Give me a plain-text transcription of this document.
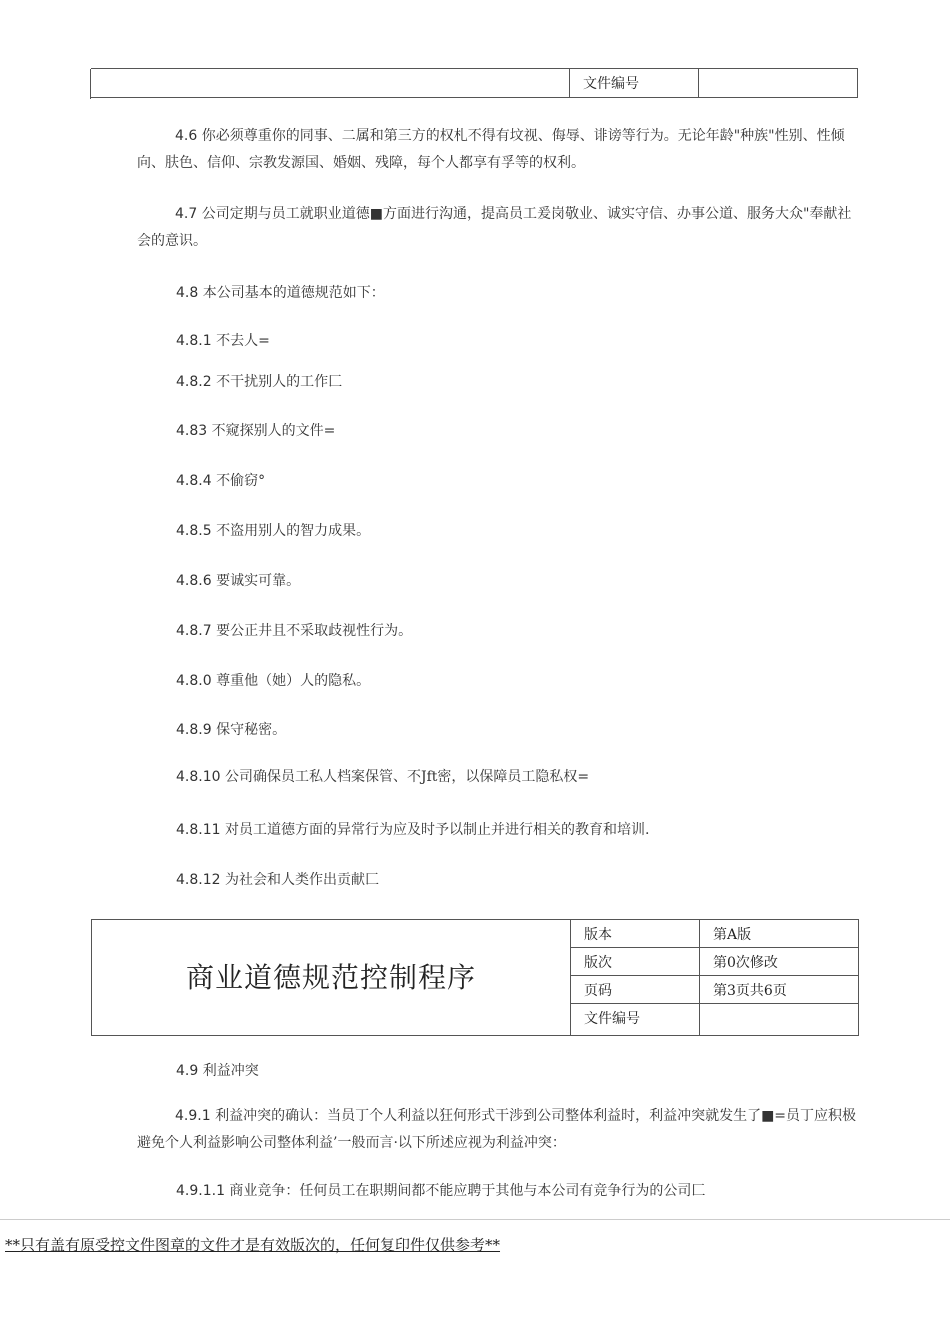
文件编号
4.6 你必须尊重你的同事、二属和第三方的权札不得有坟视、侮辱、诽谤等行为。无论年龄"种族"性别、性倾向、肤色、信仰、宗教发源国、婚姻、残障，每个人都享有孚等的权利。
4.7 公司定期与员工就职业道德■方面进行沟通，提高员工爰岗敬业、诚实守信、办事公道、服务大众"奉献社会的意识。
4.8 本公司基本的道德规范如下：
4.8.1 不去人=
4.8.2 不干扰别人的工作匚
4.83 不窥探别人的文件=
4.8.4 不偷窃°
4.8.5 不盗用别人的智力成果。
4.8.6 要诚实可靠。
4.8.7 要公正井且不采取歧视性行为。
4.8.0 尊重他（她）人的隐私。
4.8.9 保守秘密。
4.8.10 公司确保员工私人档案保管、不Jft密，以保障员工隐私权=
4.8.11 对员工道德方面的异常行为应及时予以制止并进行相关的教育和培训.
4.8.12 为社会和人类作出贡献匚
商业道德规范控制程序
版本	第A版
版次	第0次修改
页码	第3页共6页
文件编号
4.9 利益冲突
4.9.1 利益冲突的确认：当员丁个人利益以狂何形式干涉到公司整体利益时，利益冲突就发生了■=员丁应积极避免个人利益影响公司整体利益’一般而言·以下所述应视为利益冲突：
4.9.1.1 商业竞争：任何员工在职期间都不能应聘于其他与本公司有竞争行为的公司匚
**只有盖有原受控文件图章的文件才是有效版次的，任何复印件仅供参考**
